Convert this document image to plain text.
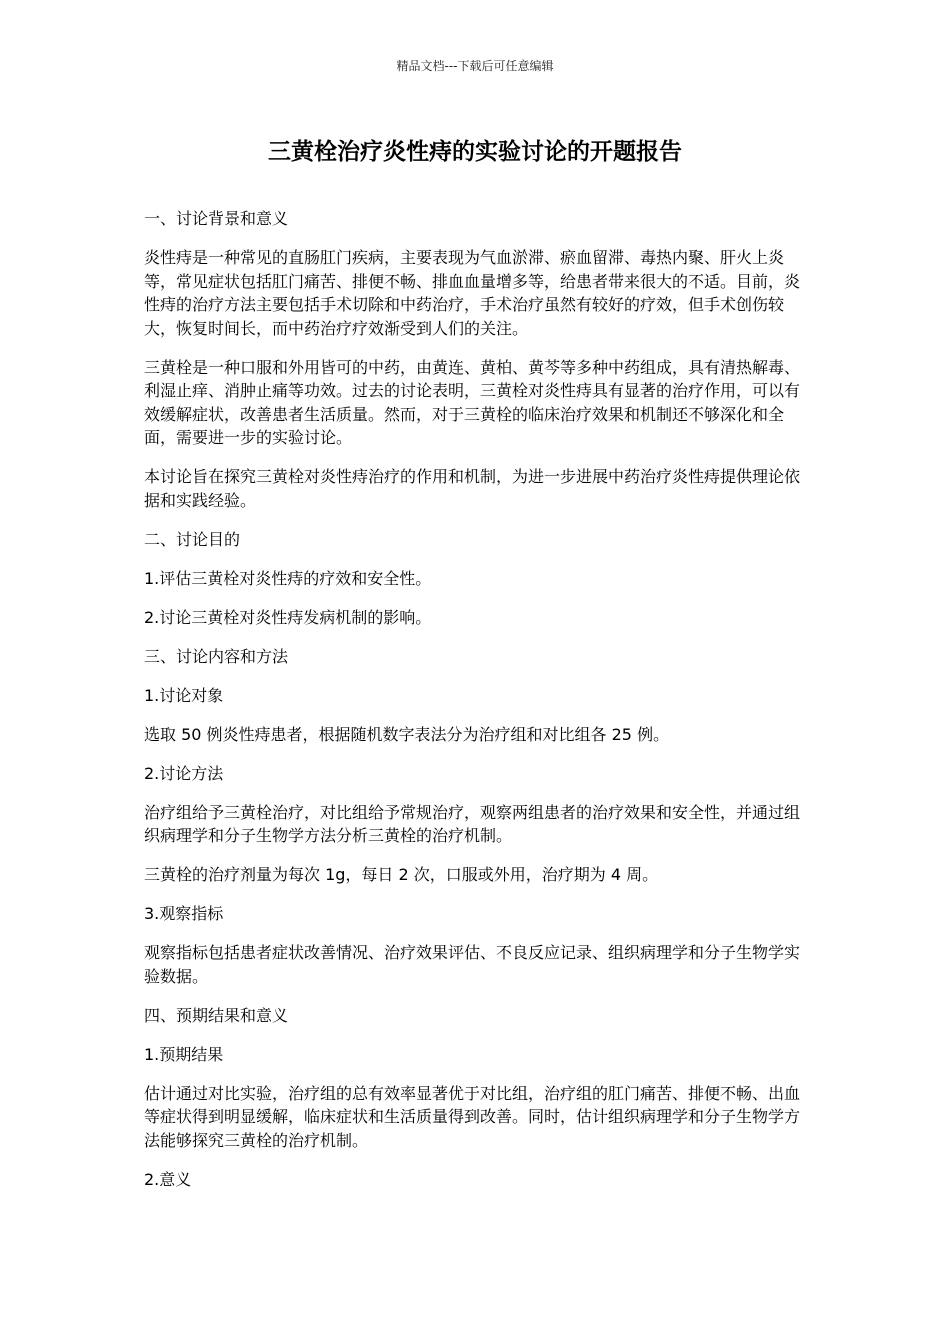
精品文档---下载后可任意编辑
三黄栓治疗炎性痔的实验讨论的开题报告

一、讨论背景和意义

炎性痔是一种常见的直肠肛门疾病，主要表现为气血淤滞、瘀血留滞、毒热内聚、肝火上炎等，常见症状包括肛门痛苦、排便不畅、排血血量增多等，给患者带来很大的不适。目前，炎性痔的治疗方法主要包括手术切除和中药治疗，手术治疗虽然有较好的疗效，但手术创伤较大，恢复时间长，而中药治疗疗效渐受到人们的关注。

三黄栓是一种口服和外用皆可的中药，由黄连、黄柏、黄芩等多种中药组成，具有清热解毒、利湿止痒、消肿止痛等功效。过去的讨论表明，三黄栓对炎性痔具有显著的治疗作用，可以有效缓解症状，改善患者生活质量。然而，对于三黄栓的临床治疗效果和机制还不够深化和全面，需要进一步的实验讨论。

本讨论旨在探究三黄栓对炎性痔治疗的作用和机制，为进一步进展中药治疗炎性痔提供理论依据和实践经验。

二、讨论目的

1.评估三黄栓对炎性痔的疗效和安全性。

2.讨论三黄栓对炎性痔发病机制的影响。

三、讨论内容和方法

1.讨论对象

选取 50 例炎性痔患者，根据随机数字表法分为治疗组和对比组各 25 例。

2.讨论方法

治疗组给予三黄栓治疗，对比组给予常规治疗，观察两组患者的治疗效果和安全性，并通过组织病理学和分子生物学方法分析三黄栓的治疗机制。

三黄栓的治疗剂量为每次 1g，每日 2 次，口服或外用，治疗期为 4 周。

3.观察指标

观察指标包括患者症状改善情况、治疗效果评估、不良反应记录、组织病理学和分子生物学实验数据。

四、预期结果和意义

1.预期结果

估计通过对比实验，治疗组的总有效率显著优于对比组，治疗组的肛门痛苦、排便不畅、出血等症状得到明显缓解，临床症状和生活质量得到改善。同时，估计组织病理学和分子生物学方法能够探究三黄栓的治疗机制。

2.意义
